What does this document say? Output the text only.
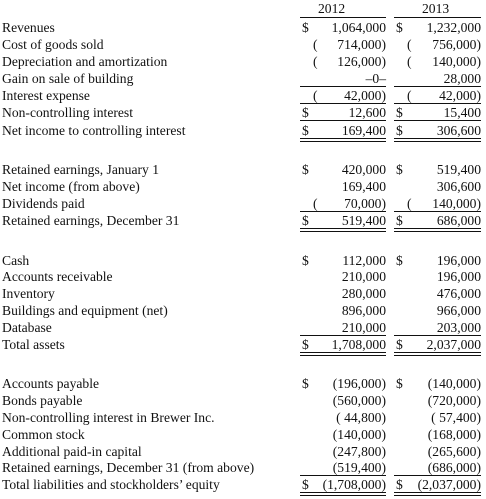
2012	2013
Revenues	$ 1,064,000 $ 1,232,000
Cost of goods sold	( 714,000) ( 756,000)
Depreciation and amortization	( 126,000) ( 140,000)
Gain on sale of building	–0–	28,000
Interest expense	( 42,000) ( 42,000)
Non-controlling interest	$	12,600 $	15,400
Net income to controlling interest	$ 169,400 $	306,600
Retained earnings, January 1	$ 420,000 $	519,400
Net income (from above)	169,400	306,600
Dividends paid	( 70,000) ( 140,000)
Retained earnings, December 31	$ 519,400 $	686,000
Cash	$ 112,000 $	196,000
Accounts receivable	210,000	196,000
Inventory	280,000	476,000
Buildings and equipment (net)	896,000	966,000
Database	210,000	203,000
Total assets	$ 1,708,000 $ 2,037,000
Accounts payable	$ (196,000) $ (140,000)
Bonds payable	(560,000)	(720,000)
Non-controlling interest in Brewer Inc.	( 44,800)	( 57,400)
Common stock	(140,000)	(168,000)
Additional paid-in capital	(247,800)	(265,600)
Retained earnings, December 31 (from above)	(519,400)	(686,000)
Total liabilities and stockholders’ equity	$ (1,708,000) $ (2,037,000)
